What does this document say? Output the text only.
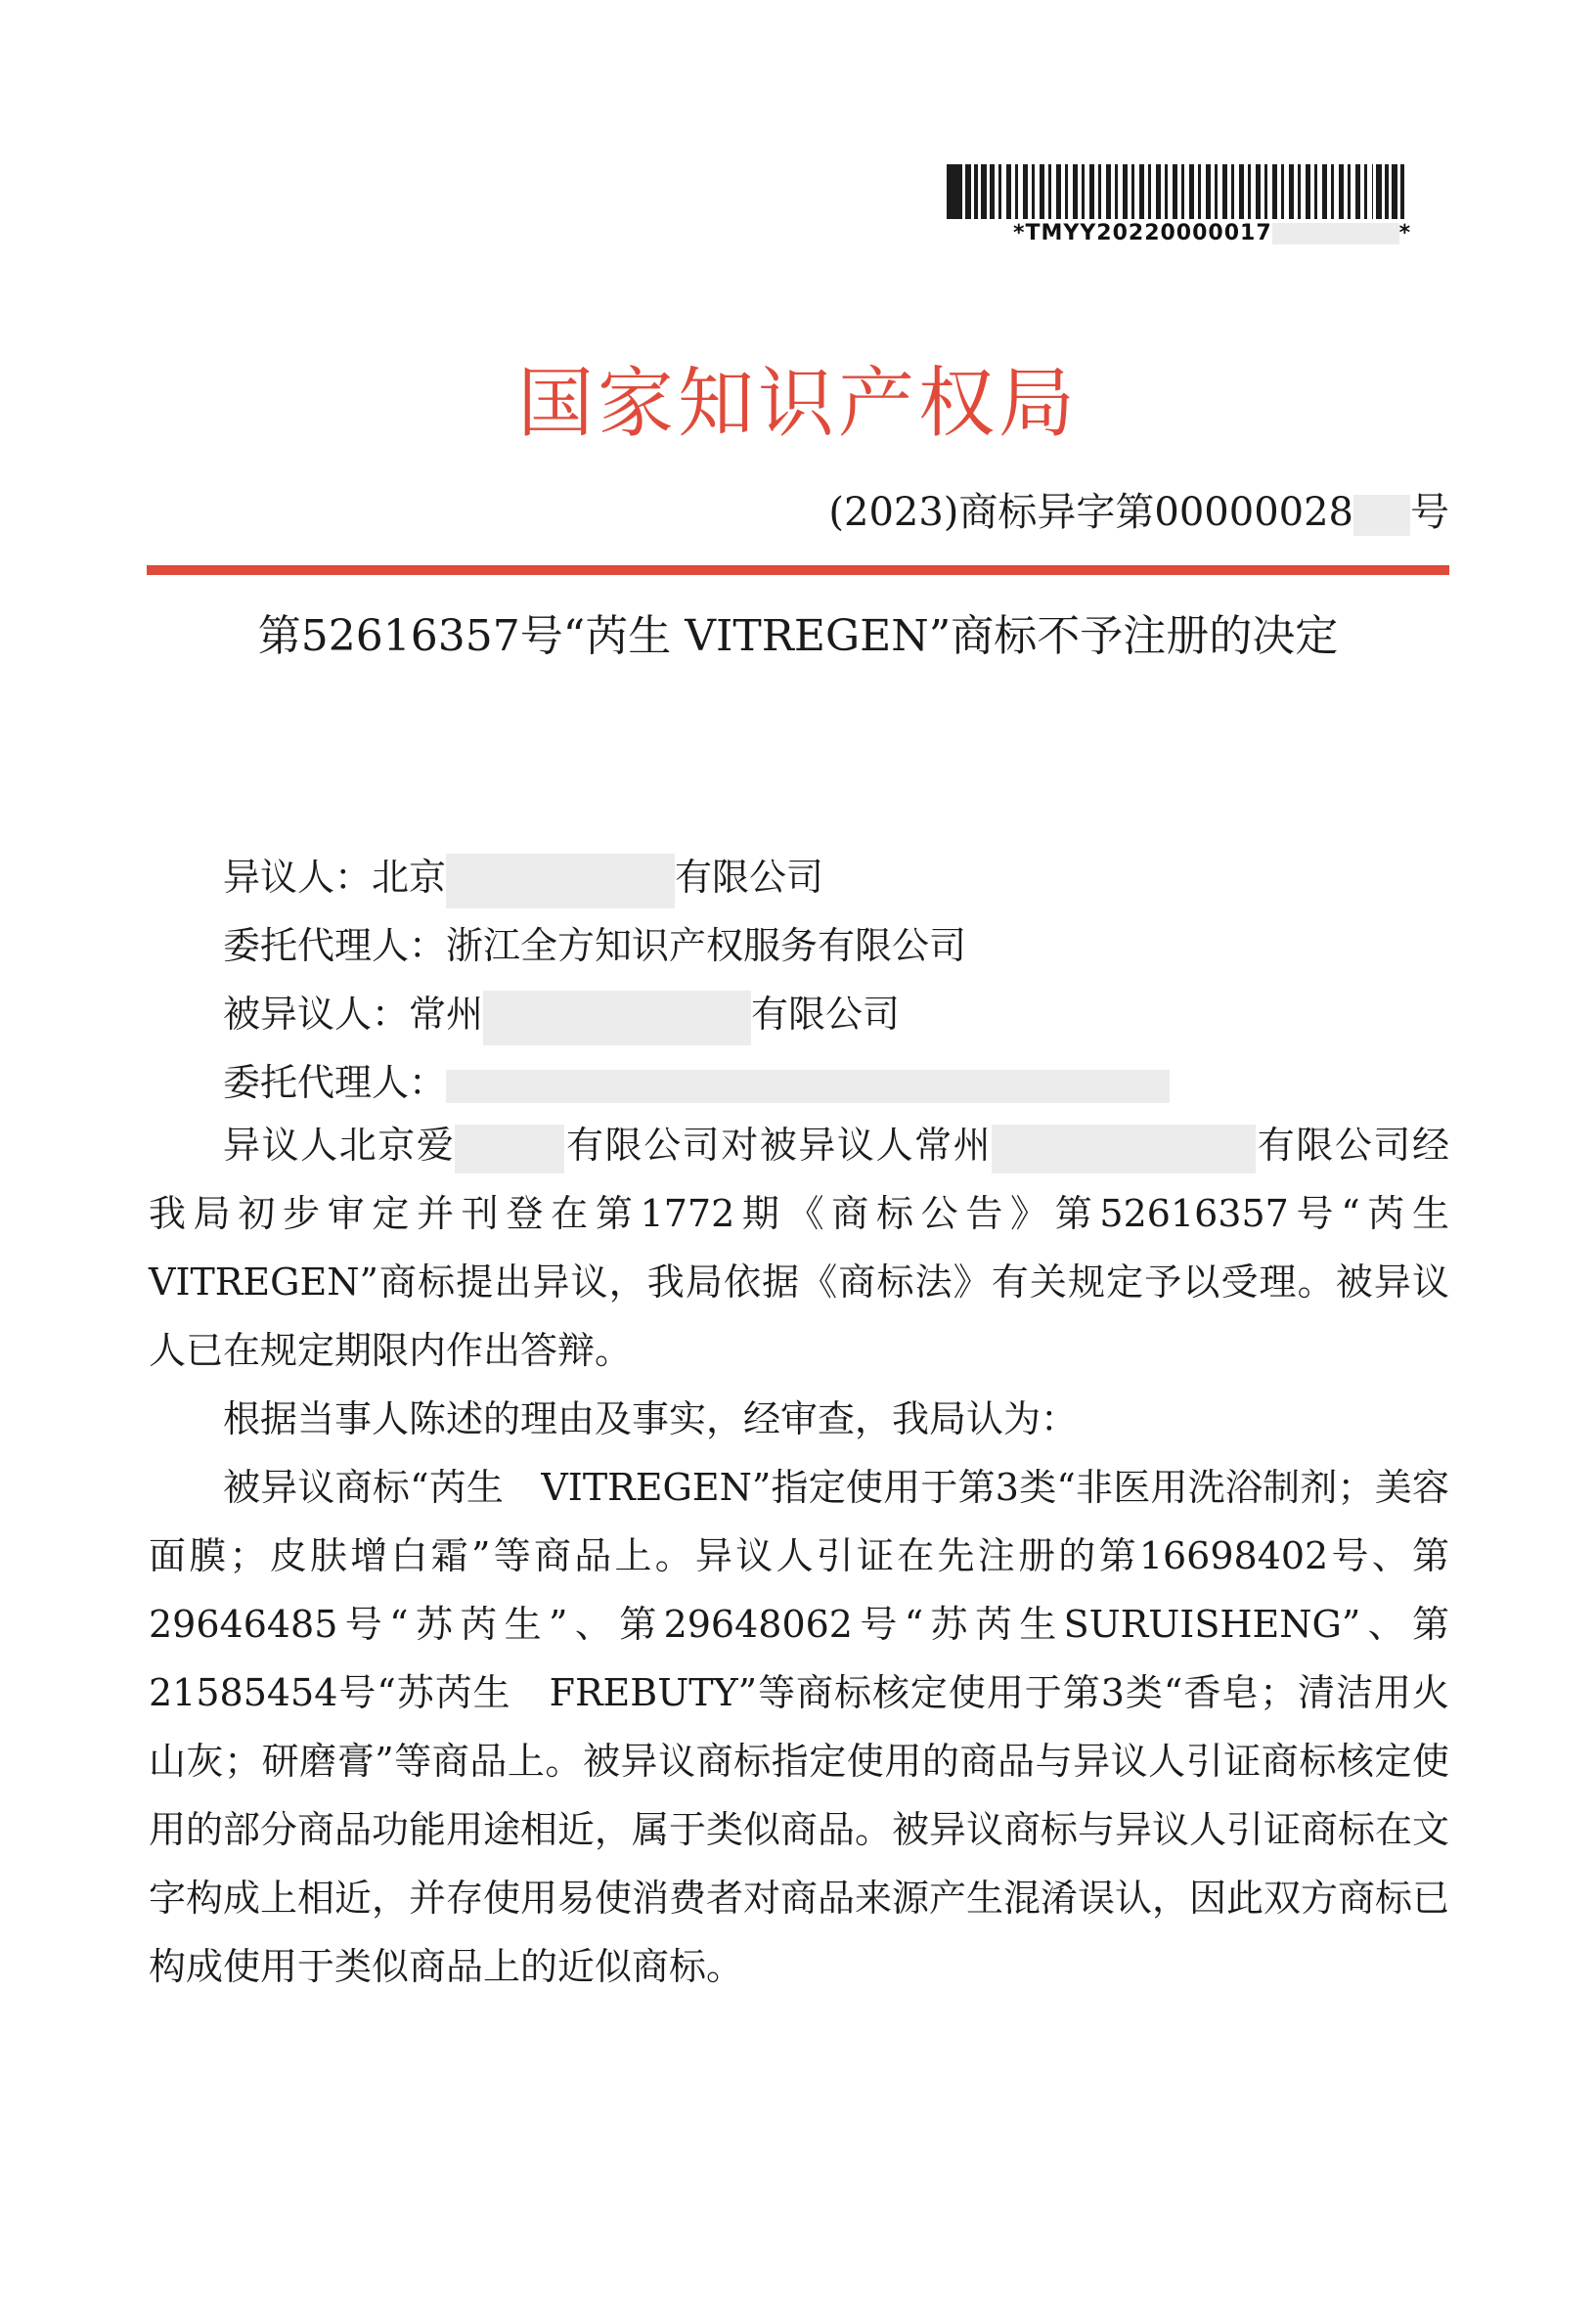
*TMYY20220000017	*
国家知识产权局
(2023)商标异字第00000028 号
第52616357号“芮生 VITREGEN”商标不予注册的决定
异议人：北京	有限公司
委托代理人：浙江全方知识产权服务有限公司
被异议人：常州	有限公司
委托代理人：

异议人北京爱	有限公司对被异议人常州	有限公司经我局初步审定并刊登在第1772期《商标公告》第52616357号“芮生 VITREGEN”商标提出异议，我局依据《商标法》有关规定予以受理。被异议人已在规定期限内作出答辩。

根据当事人陈述的理由及事实，经审查，我局认为：

被异议商标“芮生　VITREGEN”指定使用于第3类“非医用洗浴制剂；美容面膜；皮肤增白霜”等商品上。异议人引证在先注册的第16698402号、第29646485号“苏芮生”、第29648062号“苏芮生SURUISHENG”、第21585454号“苏芮生　FREBUTY”等商标核定使用于第3类“香皂；清洁用火山灰；研磨膏”等商品上。被异议商标指定使用的商品与异议人引证商标核定使用的部分商品功能用途相近，属于类似商品。被异议商标与异议人引证商标在文字构成上相近，并存使用易使消费者对商品来源产生混淆误认，因此双方商标已构成使用于类似商品上的近似商标。
